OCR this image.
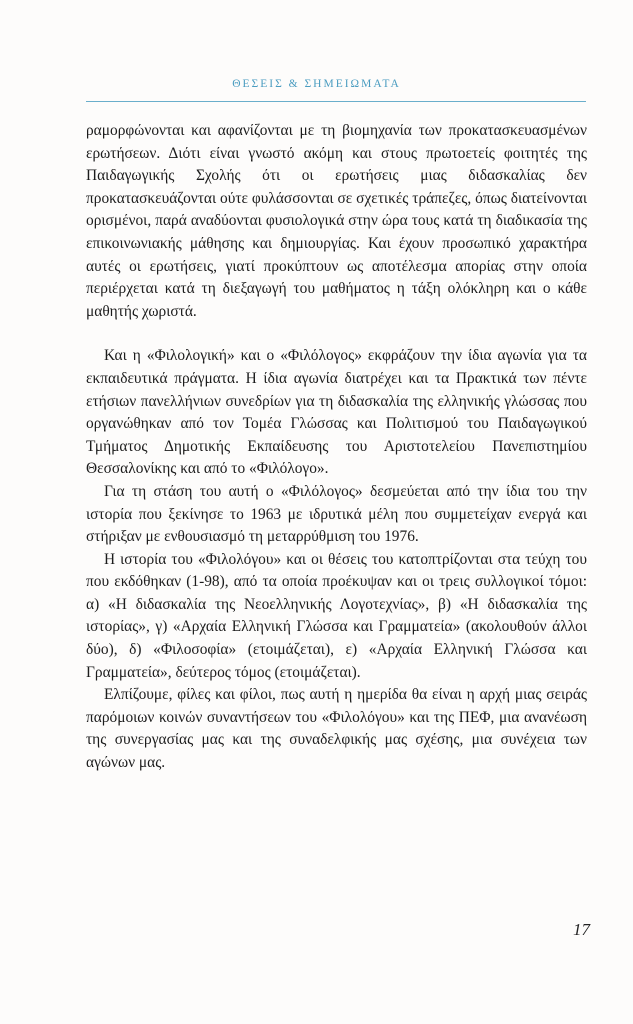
ΘΕΣΕΙΣ & ΣΗΜΕΙΩΜΑΤΑ

ραμορφώνονται και αφανίζονται με τη βιομηχανία των προκατασκευασμένων ερωτήσεων. Διότι είναι γνωστό ακόμη και στους πρωτοετείς φοιτητές της Παιδαγωγικής Σχολής ότι οι ερωτήσεις μιας διδασκαλίας δεν προκατασκευάζονται ούτε φυλάσσονται σε σχετικές τράπεζες, όπως διατείνονται ορισμένοι, παρά αναδύονται φυσιολογικά στην ώρα τους κατά τη διαδικασία της επικοινωνιακής μάθησης και δημιουργίας. Και έχουν προσωπικό χαρακτήρα αυτές οι ερωτήσεις, γιατί προκύπτουν ως αποτέλεσμα απορίας στην οποία περιέρχεται κατά τη διεξαγωγή του μαθήματος η τάξη ολόκληρη και ο κάθε μαθητής χωριστά.

Και η «Φιλολογική» και ο «Φιλόλογος» εκφράζουν την ίδια αγωνία για τα εκπαιδευτικά πράγματα. Η ίδια αγωνία διατρέχει και τα Πρακτικά των πέντε ετήσιων πανελλήνιων συνεδρίων για τη διδασκαλία της ελληνικής γλώσσας που οργανώθηκαν από τον Τομέα Γλώσσας και Πολιτισμού του Παιδαγωγικού Τμήματος Δημοτικής Εκπαίδευσης του Αριστοτελείου Πανεπιστημίου Θεσσαλονίκης και από το «Φιλόλογο».

Για τη στάση του αυτή ο «Φιλόλογος» δεσμεύεται από την ίδια του την ιστορία που ξεκίνησε το 1963 με ιδρυτικά μέλη που συμμετείχαν ενεργά και στήριξαν με ενθουσιασμό τη μεταρρύθμιση του 1976.

Η ιστορία του «Φιλολόγου» και οι θέσεις του κατοπτρίζονται στα τεύχη του που εκδόθηκαν (1-98), από τα οποία προέκυψαν και οι τρεις συλλογικοί τόμοι: α) «Η διδασκαλία της Νεοελληνικής Λογοτεχνίας», β) «Η διδασκαλία της ιστορίας», γ) «Αρχαία Ελληνική Γλώσσα και Γραμματεία» (ακολουθούν άλλοι δύο), δ) «Φιλοσοφία» (ετοιμάζεται), ε) «Αρχαία Ελληνική Γλώσσα και Γραμματεία», δεύτερος τόμος (ετοιμάζεται).

Ελπίζουμε, φίλες και φίλοι, πως αυτή η ημερίδα θα είναι η αρχή μιας σειράς παρόμοιων κοινών συναντήσεων του «Φιλολόγου» και της ΠΕΦ, μια ανανέωση της συνεργασίας μας και της συναδελφικής μας σχέσης, μια συνέχεια των αγώνων μας.

17
